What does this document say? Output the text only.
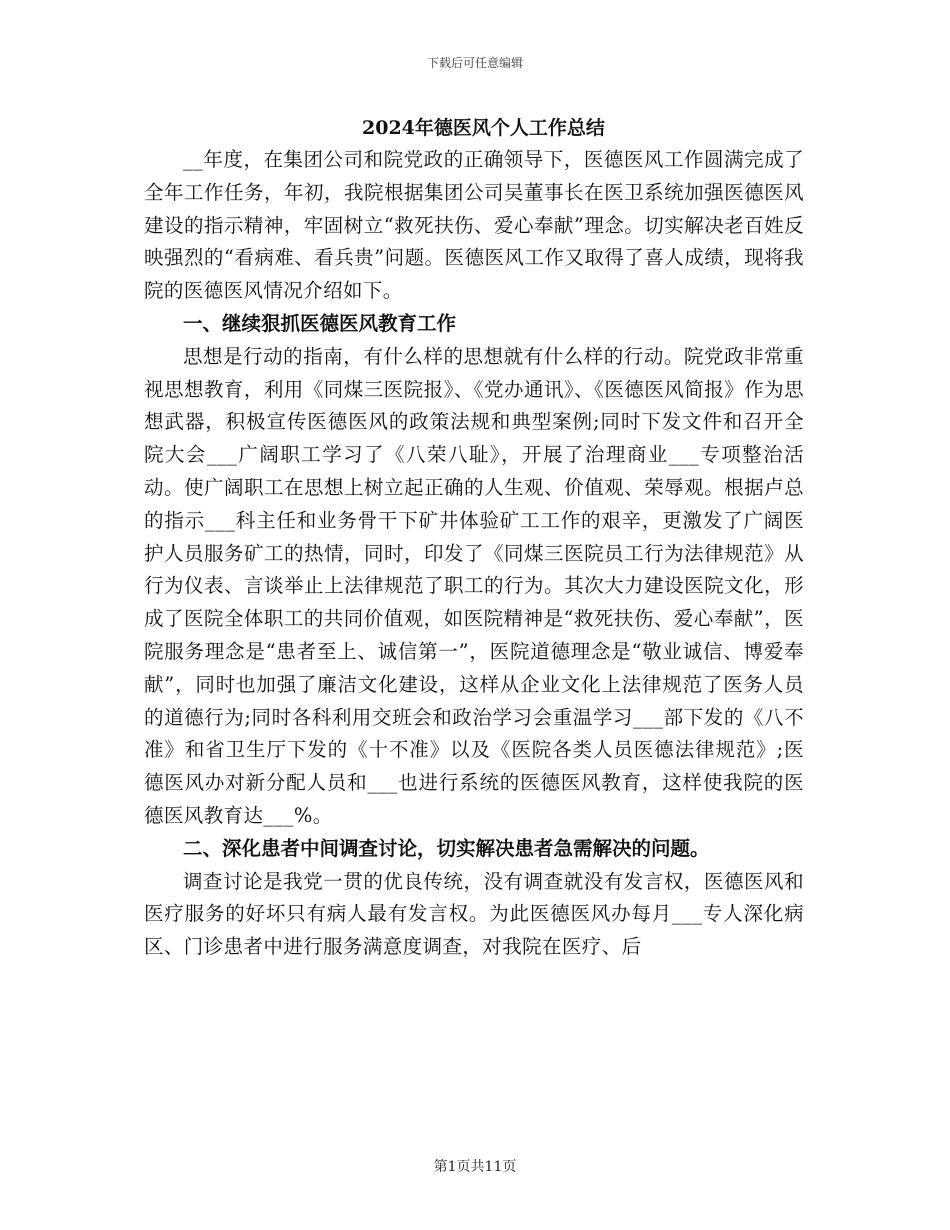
下载后可任意编辑
2024年德医风个人工作总结

__年度，在集团公司和院党政的正确领导下，医德医风工作圆满完成了全年工作任务，年初，我院根据集团公司吴董事长在医卫系统加强医德医风建设的指示精神，牢固树立“救死扶伤、爱心奉献”理念。切实解决老百姓反映强烈的“看病难、看兵贵”问题。医德医风工作又取得了喜人成绩，现将我院的医德医风情况介绍如下。

一、继续狠抓医德医风教育工作

思想是行动的指南，有什么样的思想就有什么样的行动。院党政非常重视思想教育，利用《同煤三医院报》、《党办通讯》、《医德医风简报》作为思想武器，积极宣传医德医风的政策法规和典型案例;同时下发文件和召开全院大会___广阔职工学习了《八荣八耻》，开展了治理商业___专项整治活动。使广阔职工在思想上树立起正确的人生观、价值观、荣辱观。根据卢总的指示___科主任和业务骨干下矿井体验矿工工作的艰辛，更激发了广阔医护人员服务矿工的热情，同时，印发了《同煤三医院员工行为法律规范》从行为仪表、言谈举止上法律规范了职工的行为。其次大力建设医院文化，形成了医院全体职工的共同价值观，如医院精神是“救死扶伤、爱心奉献”，医院服务理念是“患者至上、诚信第一”，医院道德理念是“敬业诚信、博爱奉献”，同时也加强了廉洁文化建设，这样从企业文化上法律规范了医务人员的道德行为;同时各科利用交班会和政治学习会重温学习___部下发的《八不准》和省卫生厅下发的《十不准》以及《医院各类人员医德法律规范》;医德医风办对新分配人员和___也进行系统的医德医风教育，这样使我院的医德医风教育达___%。

二、深化患者中间调查讨论，切实解决患者急需解决的问题。

调查讨论是我党一贯的优良传统，没有调查就没有发言权，医德医风和医疗服务的好坏只有病人最有发言权。为此医德医风办每月___专人深化病区、门诊患者中进行服务满意度调查，对我院在医疗、后

第1页共11页
